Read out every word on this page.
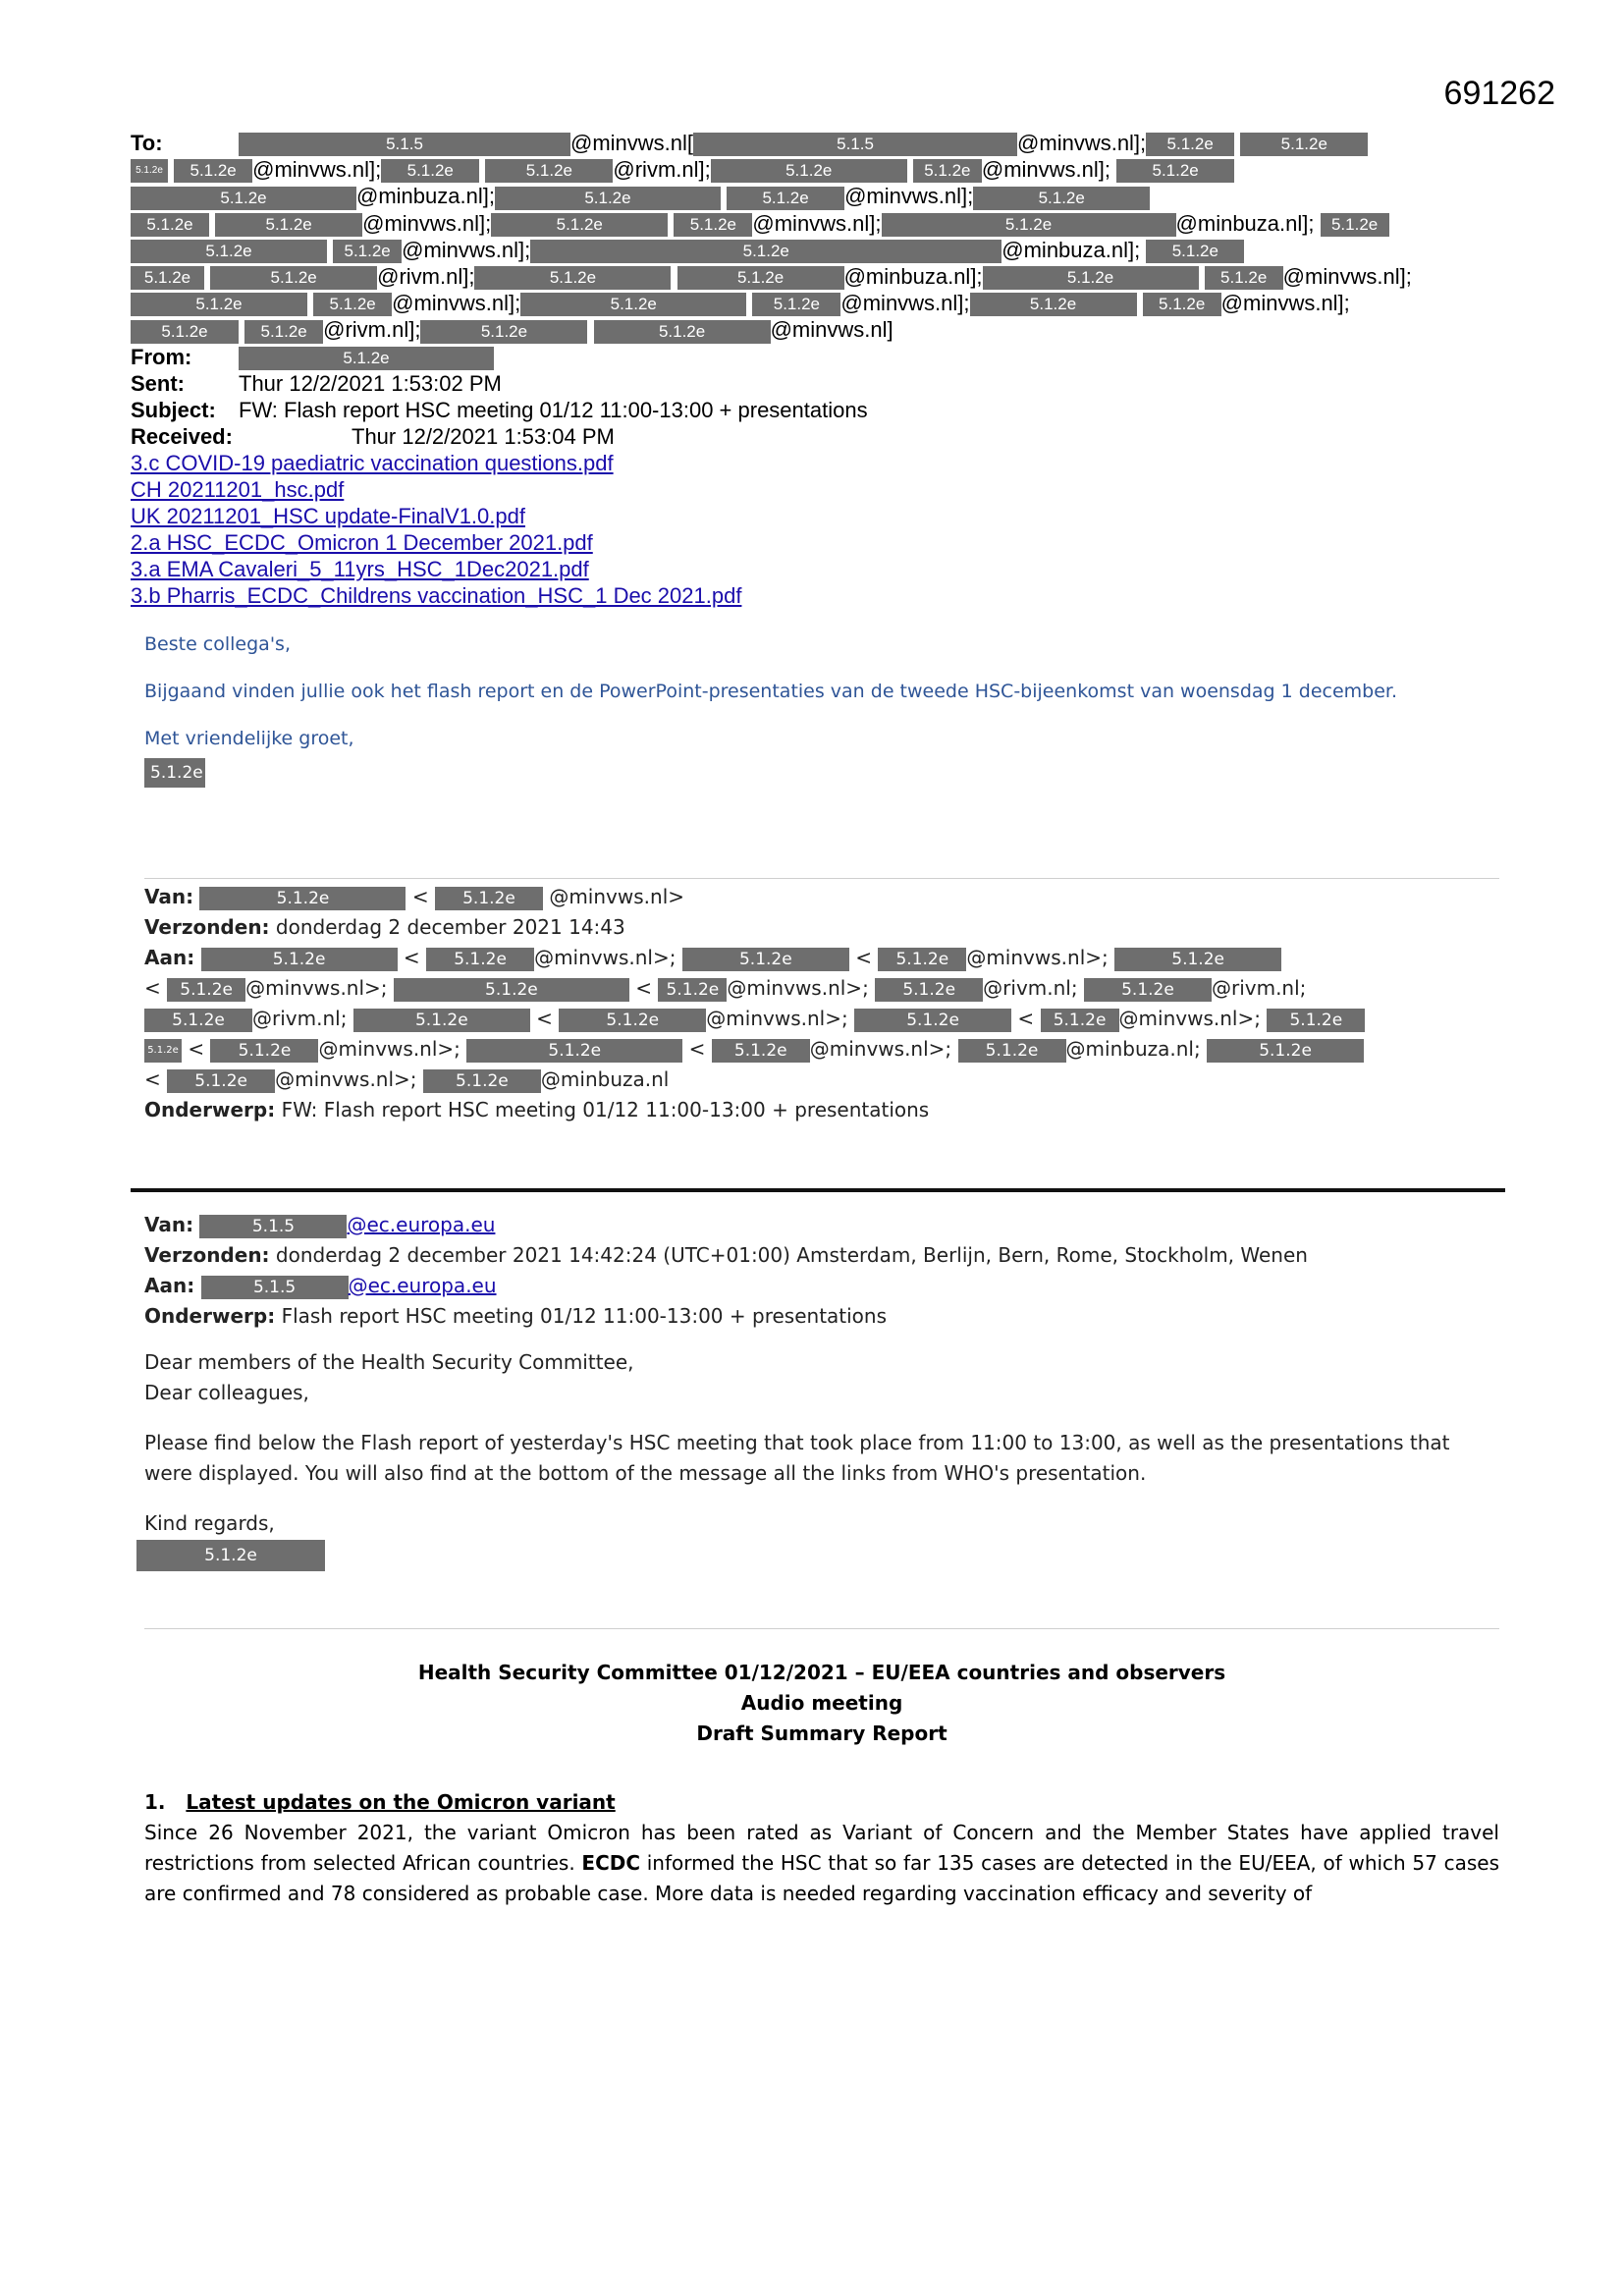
691262

To:	5.1.5	@minvws.nl[	5.1.5	@minvws.nl]; 5.1.2e	5.1.2e

5.1.2e 5.1.2e @minvws.nl]; 5.1.2e	5.1.2e @rivm.nl];	5.1.2e	5.1.2e @minvws.nl]; 5.1.2e

5.1.2e	@minbuza.nl];	5.1.2e	5.1.2e @minvws.nl];	5.1.2e

5.1.2e	5.1.2e @minvws.nl];	5.1.2e	5.1.2e @minvws.nl];	5.1.2e	@minbuza.nl]; 5.1.2e

5.1.2e	5.1.2e @minvws.nl];	5.1.2e	@minbuza.nl]; 5.1.2e

5.1.2e	5.1.2e	@rivm.nl];	5.1.2e	5.1.2e	@minbuza.nl];	5.1.2e	5.1.2e @minvws.nl];

5.1.2e	5.1.2e @minvws.nl];	5.1.2e	5.1.2e @minvws.nl];	5.1.2e	5.1.2e @minvws.nl];

5.1.2e	5.1.2e @rivm.nl];	5.1.2e	5.1.2e	@minvws.nl]

From:	5.1.2e

Sent:	Thur 12/2/2021 1:53:02 PM

Subject: FW: Flash report HSC meeting 01/12 11:00-13:00 + presentations

Received:	Thur 12/2/2021 1:53:04 PM

3.c COVID-19 paediatric vaccination questions.pdf

CH 20211201_hsc.pdf

UK 20211201_HSC update-FinalV1.0.pdf

2.a HSC_ECDC_Omicron 1 December 2021.pdf

3.a EMA Cavaleri_5_11yrs_HSC_1Dec2021.pdf

3.b Pharris_ECDC_Childrens vaccination_HSC_1 Dec 2021.pdf

Beste collega's,

Bijgaand vinden jullie ook het flash report en de PowerPoint-presentaties van de tweede HSC-bijeenkomst van woensdag 1 december.

Met vriendelijke groet,

5.1.2e

Van:	5.1.2e	< 5.1.2e @minvws.nl>

Verzonden: donderdag 2 december 2021 14:43

Aan:	5.1.2e	< 5.1.2e @minvws.nl>;	5.1.2e	< 5.1.2e @minvws.nl>;	5.1.2e

< 5.1.2e @minvws.nl>;	5.1.2e	< 5.1.2e @minvws.nl>; 5.1.2e @rivm.nl;	5.1.2e @rivm.nl;

5.1.2e @rivm.nl;	5.1.2e	<	5.1.2e @minvws.nl>;	5.1.2e	< 5.1.2e @minvws.nl>; 5.1.2e

5.1.2e < 5.1.2e @minvws.nl>;	5.1.2e	< 5.1.2e @minvws.nl>; 5.1.2e @minbuza.nl;	5.1.2e

< 5.1.2e @minvws.nl>; 5.1.2e @minbuza.nl

Onderwerp: FW: Flash report HSC meeting 01/12 11:00-13:00 + presentations

Van:	5.1.5	@ec.europa.eu

Verzonden: donderdag 2 december 2021 14:42:24 (UTC+01:00) Amsterdam, Berlijn, Bern, Rome, Stockholm, Wenen

Aan:	5.1.5	@ec.europa.eu

Onderwerp: Flash report HSC meeting 01/12 11:00-13:00 + presentations

Dear members of the Health Security Committee,

Dear colleagues,

Please find below the Flash report of yesterday's HSC meeting that took place from 11:00 to 13:00, as well as the presentations that were displayed. You will also find at the bottom of the message all the links from WHO's presentation.

Kind regards,

5.1.2e

Health Security Committee 01/12/2021 – EU/EEA countries and observers
Audio meeting
Draft Summary Report
1. Latest updates on the Omicron variant

Since 26 November 2021, the variant Omicron has been rated as Variant of Concern and the Member States have applied travel restrictions from selected African countries. ECDC informed the HSC that so far 135 cases are detected in the EU/EEA, of which 57 cases are confirmed and 78 considered as probable case. More data is needed regarding vaccination efficacy and severity of
